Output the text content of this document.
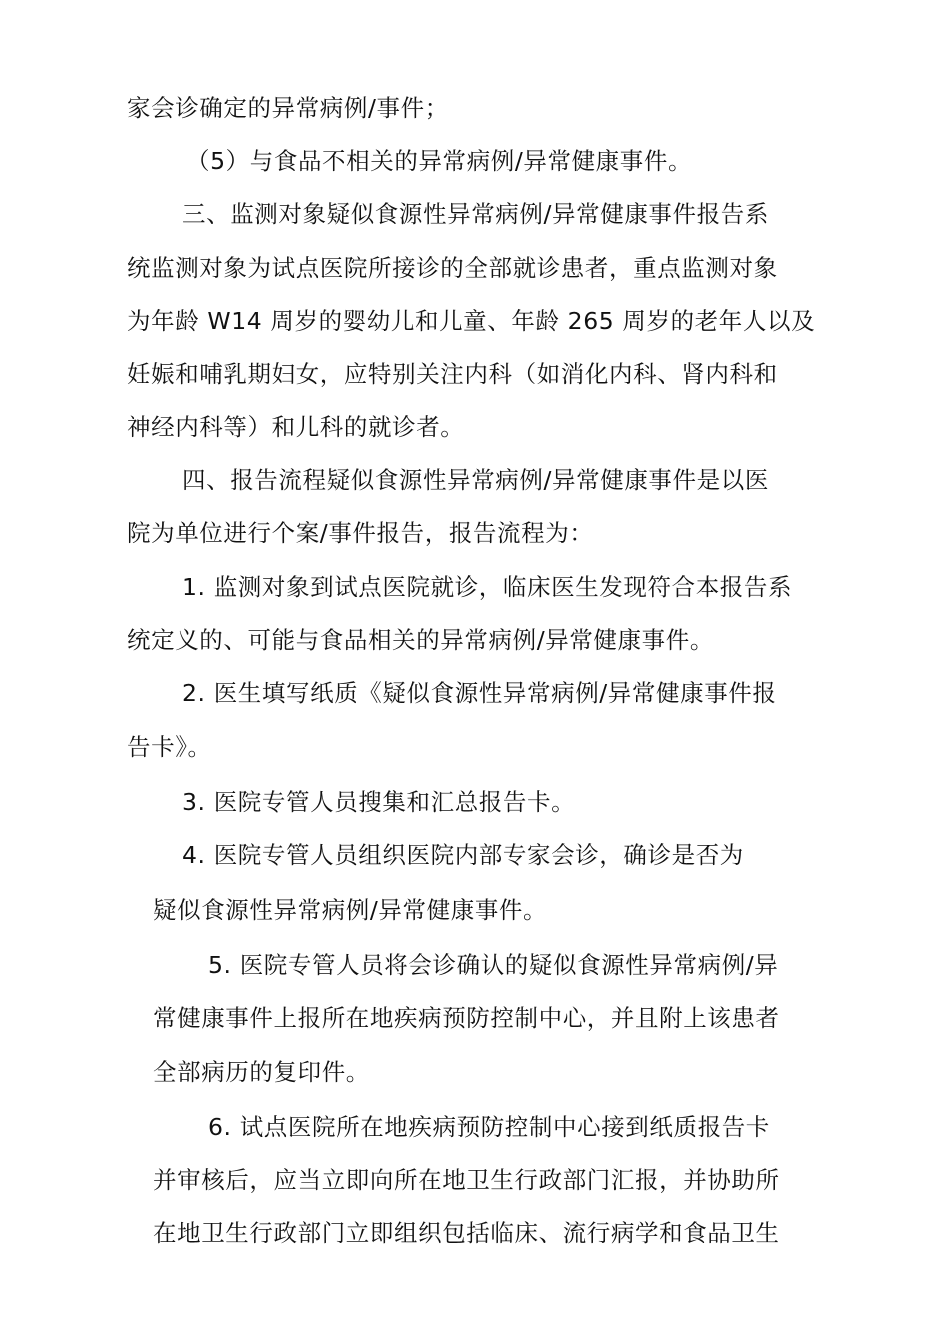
家会诊确定的异常病例/事件；
（5）与食品不相关的异常病例/异常健康事件。
三、监测对象疑似食源性异常病例/异常健康事件报告系
统监测对象为试点医院所接诊的全部就诊患者，重点监测对象
为年龄 W14 周岁的婴幼儿和儿童、年龄 265 周岁的老年人以及
妊娠和哺乳期妇女，应特别关注内科（如消化内科、肾内科和
神经内科等）和儿科的就诊者。
四、报告流程疑似食源性异常病例/异常健康事件是以医
院为单位进行个案/事件报告，报告流程为：
1. 监测对象到试点医院就诊，临床医生发现符合本报告系
统定义的、可能与食品相关的异常病例/异常健康事件。
2. 医生填写纸质《疑似食源性异常病例/异常健康事件报
告卡》。
3. 医院专管人员搜集和汇总报告卡。
4. 医院专管人员组织医院内部专家会诊，确诊是否为
疑似食源性异常病例/异常健康事件。
5. 医院专管人员将会诊确认的疑似食源性异常病例/异
常健康事件上报所在地疾病预防控制中心，并且附上该患者
全部病历的复印件。
6. 试点医院所在地疾病预防控制中心接到纸质报告卡
并审核后，应当立即向所在地卫生行政部门汇报，并协助所
在地卫生行政部门立即组织包括临床、流行病学和食品卫生
